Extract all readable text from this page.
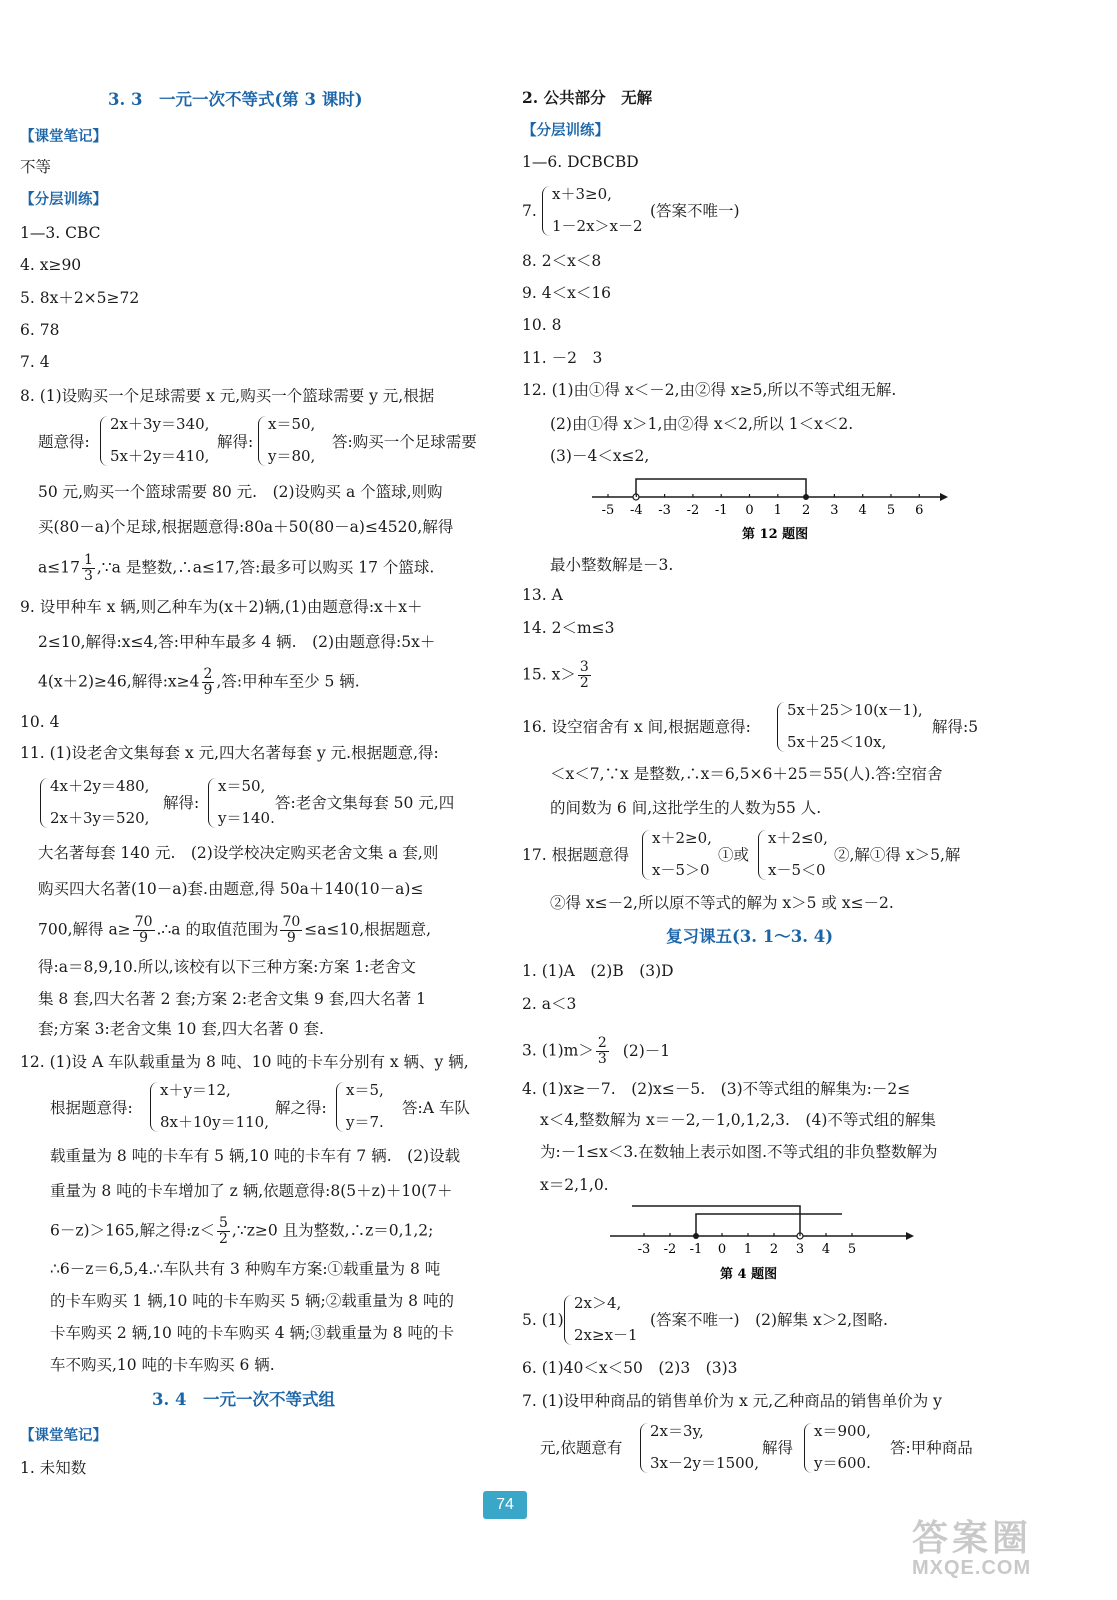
3. 3　一元一次不等式(第 3 课时)
【课堂笔记】
不等
【分层训练】
1—3. CBC
4. x≥90
5. 8x＋2×5≥72
6. 78
7. 4
8. (1)设购买一个足球需要 x 元,购买一个篮球需要 y 元,根据
题意得:
2x＋3y＝340,
5x＋2y＝410,
解得:
x＝50,
y＝80,
答:购买一个足球需要
50 元,购买一个篮球需要 80 元.　(2)设购买 a 个篮球,则购
买(80－a)个足球,根据题意得:80a＋50(80－a)≤4520,解得
$a\le 17 \frac{1}{3}$ ,∵a 是整数,∴a≤17,答:最多可以购买 17 个篮球.
9. 设甲种车 x 辆,则乙种车为(x＋2)辆,(1)由题意得:x＋x＋
2≤10,解得:x≤4,答:甲种车最多 4 辆.　(2)由题意得:5x＋
4(x＋2)≥46,解得:x≥4 $\frac{2}{9}$ ,答:甲种车至少 5 辆.
10. 4
11. (1)设老舍文集每套 x 元,四大名著每套 y 元.根据题意,得:
4x＋2y＝480,
2x＋3y＝520,
解得:
x＝50,
y＝140.
答:老舍文集每套 50 元,四
大名著每套 140 元.　(2)设学校决定购买老舍文集 a 套,则
购买四大名著(10－a)套.由题意,得 50a＋140(10－a)≤
700,解得 $a\ge \frac{70}{9}$ .∴a 的取值范围为 $\frac{70}{9} \le a\le 10$,根据题意,
得:a＝8,9,10.所以,该校有以下三种方案:方案 1:老舍文
集 8 套,四大名著 2 套;方案 2:老舍文集 9 套,四大名著 1
套;方案 3:老舍文集 10 套,四大名著 0 套.
12. (1)设 A 车队载重量为 8 吨、10 吨的卡车分别有 x 辆、y 辆,
根据题意得:
x＋y＝12,
8x＋10y＝110,
解之得:
x＝5,
y＝7.
答:A 车队
载重量为 8 吨的卡车有 5 辆,10 吨的卡车有 7 辆.　(2)设载
重量为 8 吨的卡车增加了 z 辆,依题意得:8(5＋z)＋10(7＋
6－z)＞165,解之得:z＜ $\frac{5}{2}$ ,∵z≥0 且为整数,∴z＝0,1,2;
∴6－z＝6,5,4.∴车队共有 3 种购车方案:①载重量为 8 吨
的卡车购买 1 辆,10 吨的卡车购买 5 辆;②载重量为 8 吨的
卡车购买 2 辆,10 吨的卡车购买 4 辆;③载重量为 8 吨的卡
车不购买,10 吨的卡车购买 6 辆.
3. 4　一元一次不等式组
【课堂笔记】
1. 未知数
2. 公共部分　无解
【分层训练】
1—6. DCBCBD
7.
x＋3≥0,
1－2x＞x－2
(答案不唯一)
8. 2＜x＜8
9. 4＜x＜16
10. 8
11. －2　3
12. (1)由①得 x＜－2,由②得 x≥5,所以不等式组无解.
(2)由①得 x＞1,由②得 x＜2,所以 1＜x＜2.
(3)－4＜x≤2,
-5 -4 -3 -2 -1 0 1 2 3 4 5 6
第 12 题图
最小整数解是－3.
13. A
14. 2＜m≤3
15. $x> \frac{3}{2}$
16. 设空宿舍有 x 间,根据题意得:
5x＋25＞10(x－1),
5x＋25＜10x,
解得:5
＜x＜7,∵x 是整数,∴x＝6,5×6＋25＝55(人).答:空宿舍
的间数为 6 间,这批学生的人数为55 人.
17. 根据题意得
x＋2≥0,
x－5＞0
①或
x＋2≤0,
x－5＜0
②,解①得 x＞5,解
②得 x≤－2,所以原不等式的解为 x＞5 或 x≤－2.
复习课五(3. 1～3. 4)
1. (1)A　(2)B　(3)D
2. a＜3
3. $(1)m> \frac{2}{3} (2)-1$
4. (1)x≥－7.　(2)x≤－5.　(3)不等式组的解集为:－2≤
x＜4,整数解为 x＝－2,－1,0,1,2,3.　(4)不等式组的解集
为:－1≤x＜3.在数轴上表示如图.不等式组的非负整数解为
x＝2,1,0.
-3 -2 -1 0 1 2 3 4 5
第 4 题图
5. (1)
2x＞4,
2x≥x－1
(答案不唯一)　(2)解集 x＞2,图略.
6. (1)40＜x＜50　(2)3　(3)3
7. (1)设甲种商品的销售单价为 x 元,乙种商品的销售单价为 y
元,依题意有
2x＝3y,
3x－2y＝1500,
解得
x＝900,
y＝600.
答:甲种商品
74
答案圈
MXQE.COM
